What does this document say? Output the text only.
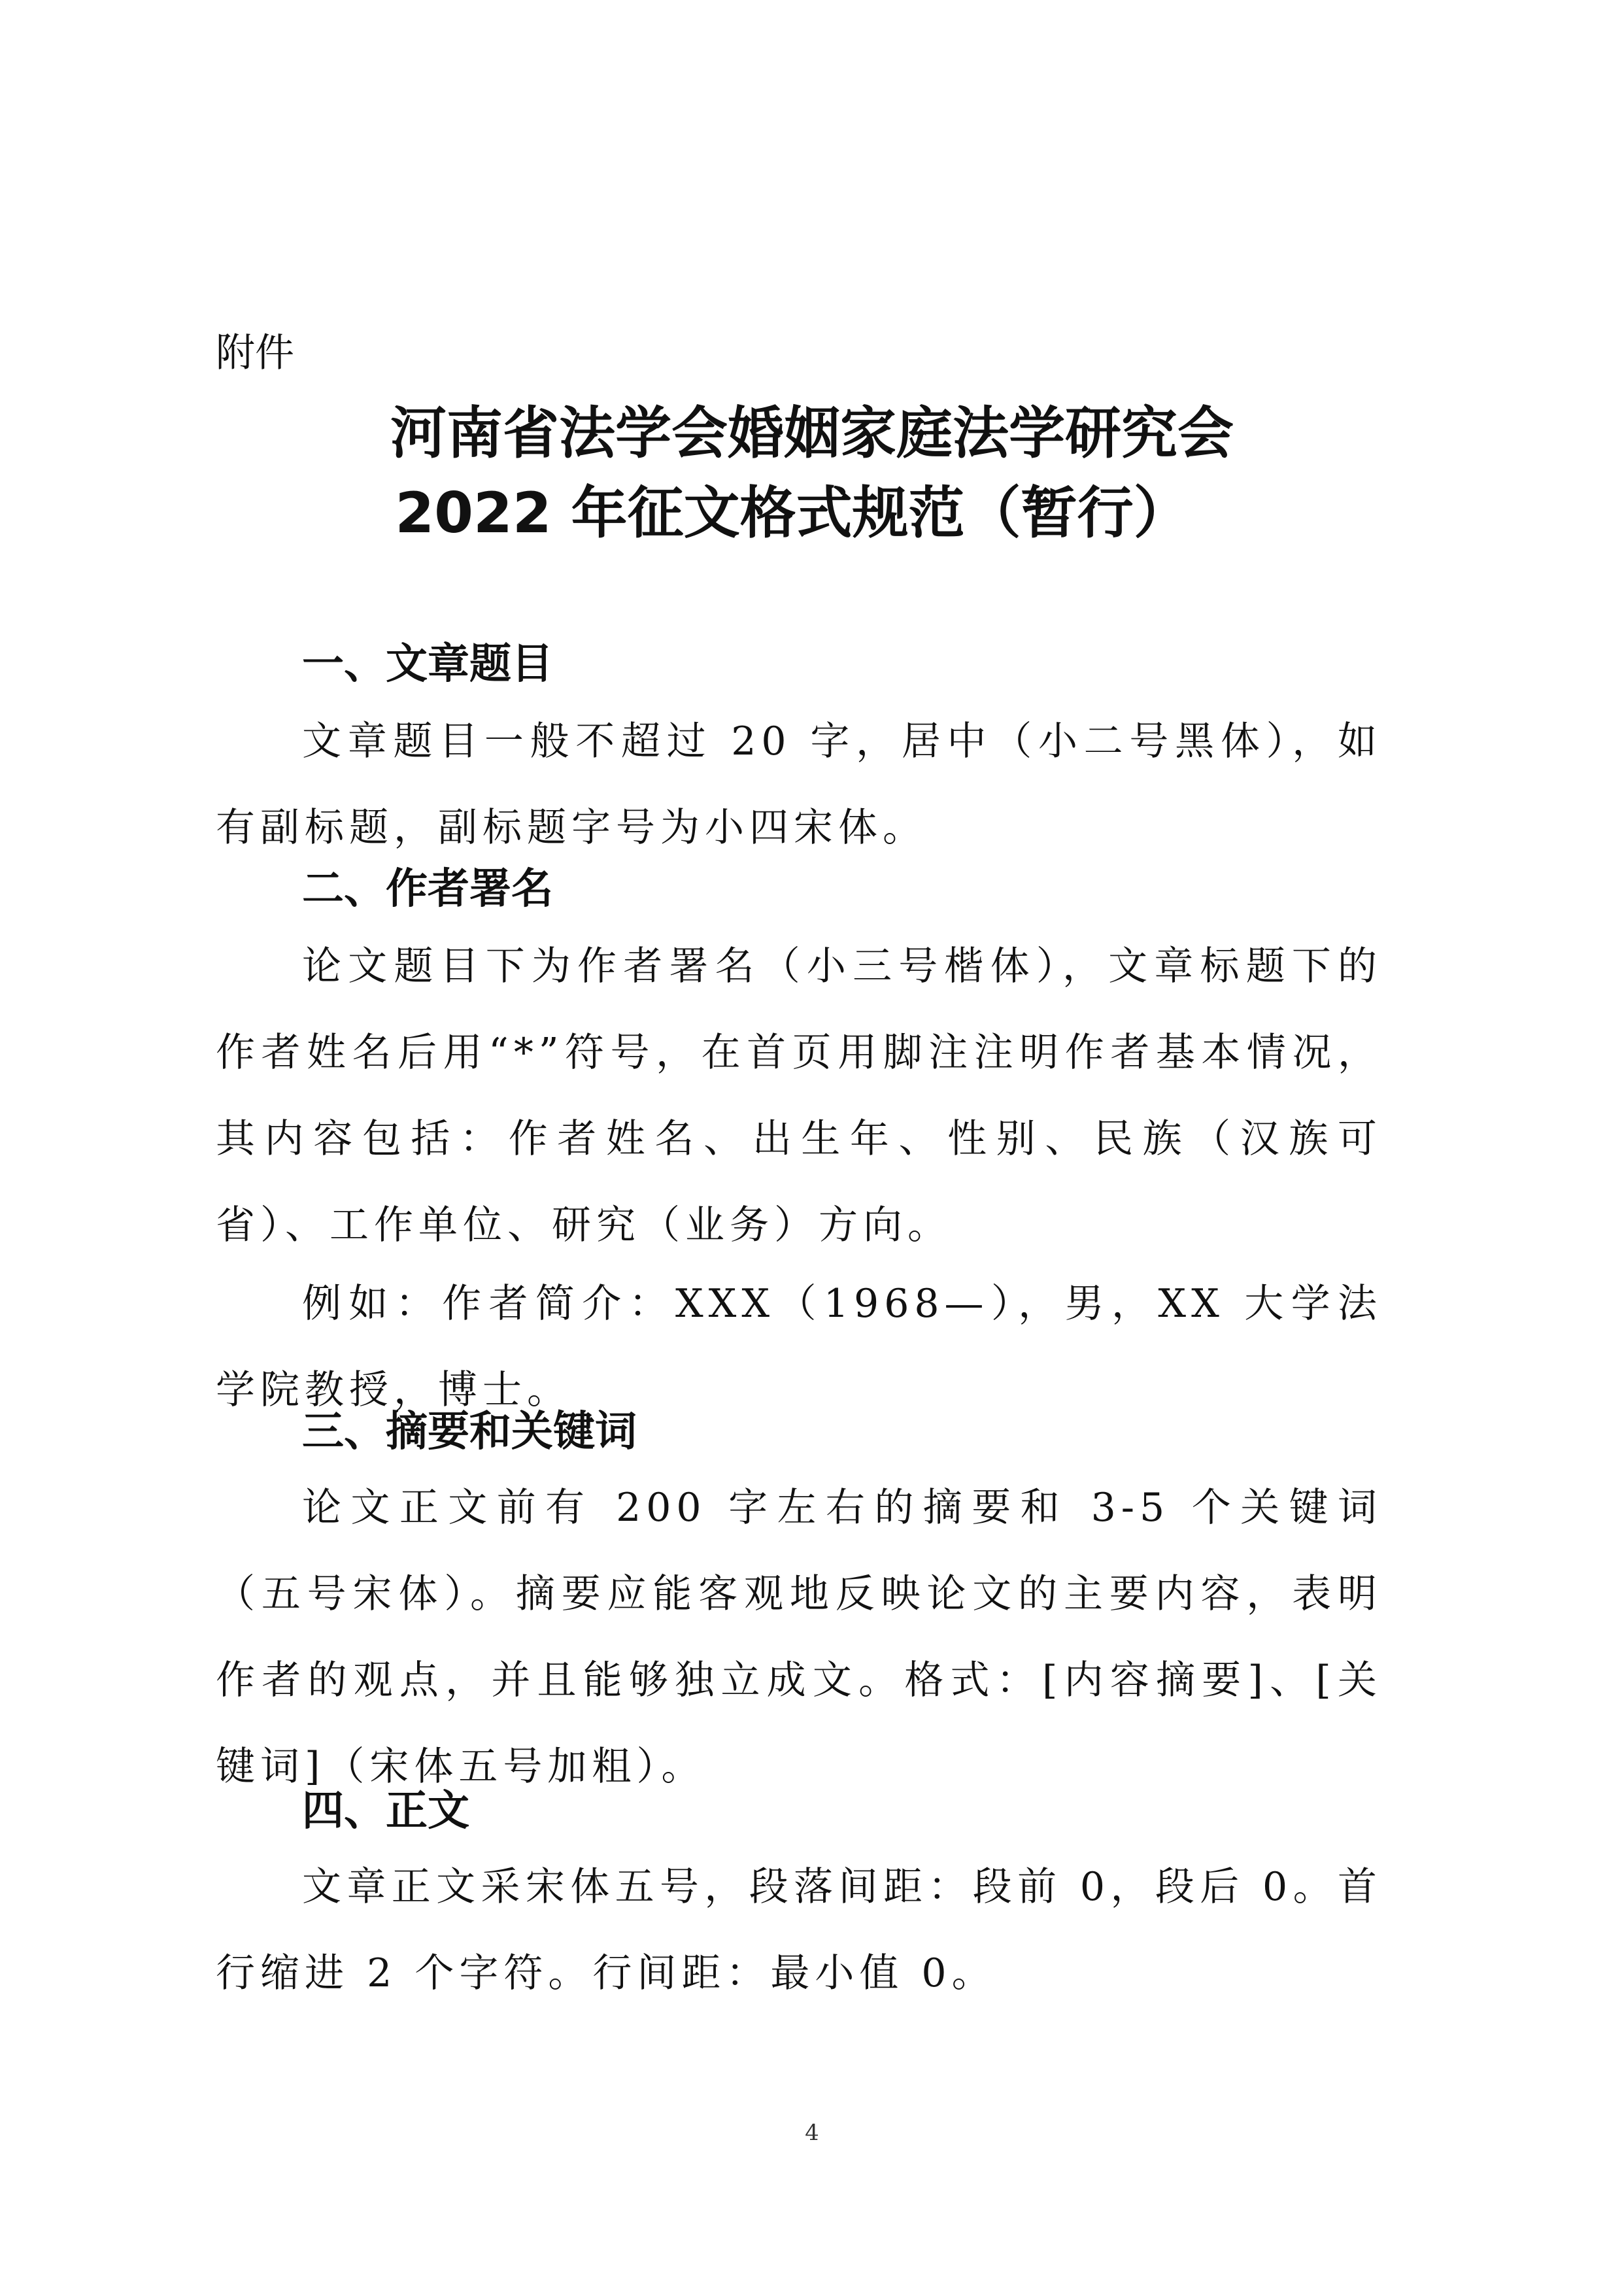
附件
河南省法学会婚姻家庭法学研究会
2022 年征文格式规范（暂行）
一、文章题目
文章题目一般不超过 20 字，居中（小二号黑体），如有副标题，副标题字号为小四宋体。
二、作者署名
论文题目下为作者署名（小三号楷体），文章标题下的作者姓名后用“*”符号，在首页用脚注注明作者基本情况，其内容包括：作者姓名、出生年、性别、民族（汉族可省）、工作单位、研究（业务）方向。
例如：作者简介：XXX（1968—），男，XX 大学法学院教授，博士。
三、摘要和关键词
论文正文前有 200 字左右的摘要和 3-5 个关键词（五号宋体）。摘要应能客观地反映论文的主要内容，表明作者的观点，并且能够独立成文。格式：[内容摘要]、[关键词]（宋体五号加粗）。
四、正文
文章正文采宋体五号，段落间距：段前 0，段后 0。首行缩进 2 个字符。行间距：最小值 0。
4
